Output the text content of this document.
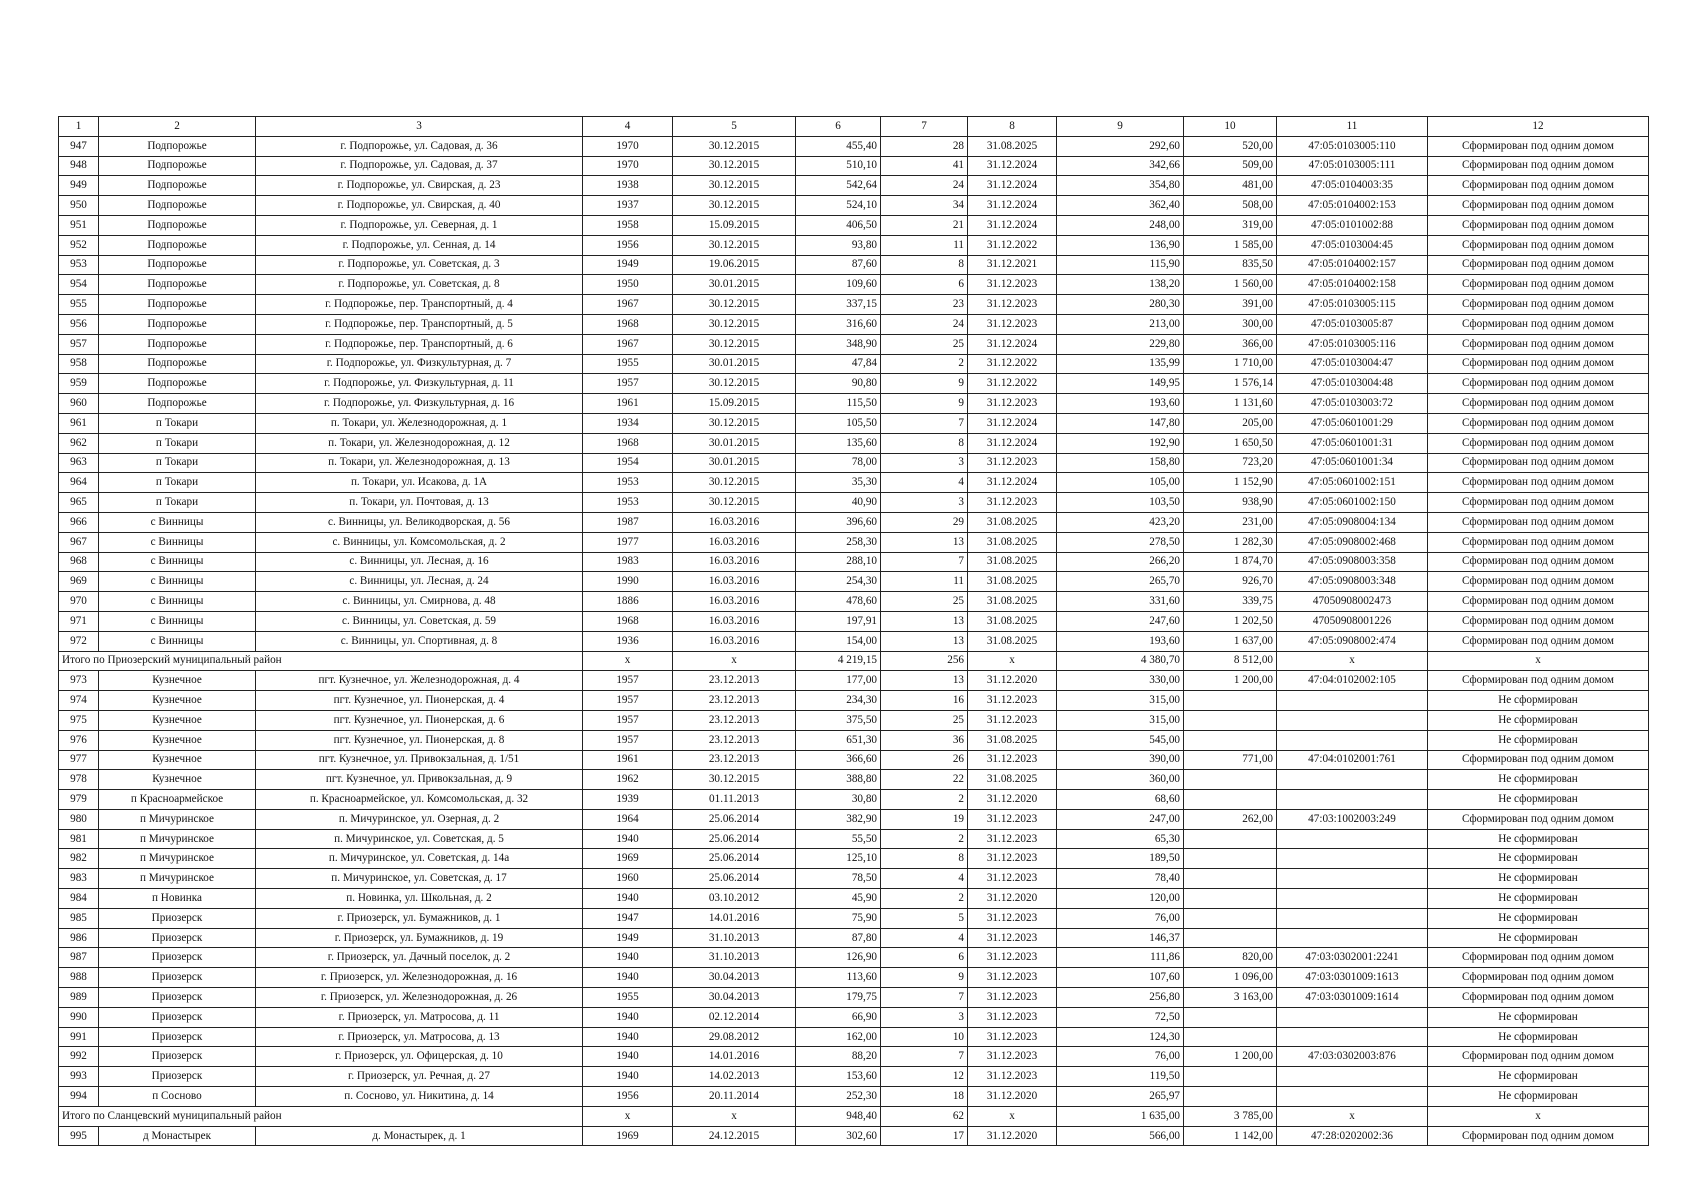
1	2	3	4	5	6	7	8	9	10	11	12
947	Подпорожье	г. Подпорожье, ул. Садовая, д. 36	1970	30.12.2015	455,40	28	31.08.2025	292,60	520,00	47:05:0103005:110	Сформирован под одним домом
948	Подпорожье	г. Подпорожье, ул. Садовая, д. 37	1970	30.12.2015	510,10	41	31.12.2024	342,66	509,00	47:05:0103005:111	Сформирован под одним домом
949	Подпорожье	г. Подпорожье, ул. Свирская, д. 23	1938	30.12.2015	542,64	24	31.12.2024	354,80	481,00	47:05:0104003:35	Сформирован под одним домом
950	Подпорожье	г. Подпорожье, ул. Свирская, д. 40	1937	30.12.2015	524,10	34	31.12.2024	362,40	508,00	47:05:0104002:153	Сформирован под одним домом
951	Подпорожье	г. Подпорожье, ул. Северная, д. 1	1958	15.09.2015	406,50	21	31.12.2024	248,00	319,00	47:05:0101002:88	Сформирован под одним домом
952	Подпорожье	г. Подпорожье, ул. Сенная, д. 14	1956	30.12.2015	93,80	11	31.12.2022	136,90	1 585,00	47:05:0103004:45	Сформирован под одним домом
953	Подпорожье	г. Подпорожье, ул. Советская, д. 3	1949	19.06.2015	87,60	8	31.12.2021	115,90	835,50	47:05:0104002:157	Сформирован под одним домом
954	Подпорожье	г. Подпорожье, ул. Советская, д. 8	1950	30.01.2015	109,60	6	31.12.2023	138,20	1 560,00	47:05:0104002:158	Сформирован под одним домом
955	Подпорожье	г. Подпорожье, пер. Транспортный, д. 4	1967	30.12.2015	337,15	23	31.12.2023	280,30	391,00	47:05:0103005:115	Сформирован под одним домом
956	Подпорожье	г. Подпорожье, пер. Транспортный, д. 5	1968	30.12.2015	316,60	24	31.12.2023	213,00	300,00	47:05:0103005:87	Сформирован под одним домом
957	Подпорожье	г. Подпорожье, пер. Транспортный, д. 6	1967	30.12.2015	348,90	25	31.12.2024	229,80	366,00	47:05:0103005:116	Сформирован под одним домом
958	Подпорожье	г. Подпорожье, ул. Физкультурная, д. 7	1955	30.01.2015	47,84	2	31.12.2022	135,99	1 710,00	47:05:0103004:47	Сформирован под одним домом
959	Подпорожье	г. Подпорожье, ул. Физкультурная, д. 11	1957	30.12.2015	90,80	9	31.12.2022	149,95	1 576,14	47:05:0103004:48	Сформирован под одним домом
960	Подпорожье	г. Подпорожье, ул. Физкультурная, д. 16	1961	15.09.2015	115,50	9	31.12.2023	193,60	1 131,60	47:05:0103003:72	Сформирован под одним домом
961	п Токари	п. Токари, ул. Железнодорожная, д. 1	1934	30.12.2015	105,50	7	31.12.2024	147,80	205,00	47:05:0601001:29	Сформирован под одним домом
962	п Токари	п. Токари, ул. Железнодорожная, д. 12	1968	30.01.2015	135,60	8	31.12.2024	192,90	1 650,50	47:05:0601001:31	Сформирован под одним домом
963	п Токари	п. Токари, ул. Железнодорожная, д. 13	1954	30.01.2015	78,00	3	31.12.2023	158,80	723,20	47:05:0601001:34	Сформирован под одним домом
964	п Токари	п. Токари, ул. Исакова, д. 1А	1953	30.12.2015	35,30	4	31.12.2024	105,00	1 152,90	47:05:0601002:151	Сформирован под одним домом
965	п Токари	п. Токари, ул. Почтовая, д. 13	1953	30.12.2015	40,90	3	31.12.2023	103,50	938,90	47:05:0601002:150	Сформирован под одним домом
966	с Винницы	с. Винницы, ул. Великодворская, д. 56	1987	16.03.2016	396,60	29	31.08.2025	423,20	231,00	47:05:0908004:134	Сформирован под одним домом
967	с Винницы	с. Винницы, ул. Комсомольская, д. 2	1977	16.03.2016	258,30	13	31.08.2025	278,50	1 282,30	47:05:0908002:468	Сформирован под одним домом
968	с Винницы	с. Винницы, ул. Лесная, д. 16	1983	16.03.2016	288,10	7	31.08.2025	266,20	1 874,70	47:05:0908003:358	Сформирован под одним домом
969	с Винницы	с. Винницы, ул. Лесная, д. 24	1990	16.03.2016	254,30	11	31.08.2025	265,70	926,70	47:05:0908003:348	Сформирован под одним домом
970	с Винницы	с. Винницы, ул. Смирнова, д. 48	1886	16.03.2016	478,60	25	31.08.2025	331,60	339,75	47050908002473	Сформирован под одним домом
971	с Винницы	с. Винницы, ул. Советская, д. 59	1968	16.03.2016	197,91	13	31.08.2025	247,60	1 202,50	47050908001226	Сформирован под одним домом
972	с Винницы	с. Винницы, ул. Спортивная, д. 8	1936	16.03.2016	154,00	13	31.08.2025	193,60	1 637,00	47:05:0908002:474	Сформирован под одним домом
Итого по Приозерский муниципальный район			x	x	4 219,15	256	x	4 380,70	8 512,00	x	x
973	Кузнечное	пгт. Кузнечное, ул. Железнодорожная, д. 4	1957	23.12.2013	177,00	13	31.12.2020	330,00	1 200,00	47:04:0102002:105	Сформирован под одним домом
974	Кузнечное	пгт. Кузнечное, ул. Пионерская, д. 4	1957	23.12.2013	234,30	16	31.12.2023	315,00			Не сформирован
975	Кузнечное	пгт. Кузнечное, ул. Пионерская, д. 6	1957	23.12.2013	375,50	25	31.12.2023	315,00			Не сформирован
976	Кузнечное	пгт. Кузнечное, ул. Пионерская, д. 8	1957	23.12.2013	651,30	36	31.08.2025	545,00			Не сформирован
977	Кузнечное	пгт. Кузнечное, ул. Привокзальная, д. 1/51	1961	23.12.2013	366,60	26	31.12.2023	390,00	771,00	47:04:0102001:761	Сформирован под одним домом
978	Кузнечное	пгт. Кузнечное, ул. Привокзальная, д. 9	1962	30.12.2015	388,80	22	31.08.2025	360,00			Не сформирован
979	п Красноармейское	п. Красноармейское, ул. Комсомольская, д. 32	1939	01.11.2013	30,80	2	31.12.2020	68,60			Не сформирован
980	п Мичуринское	п. Мичуринское, ул. Озерная, д. 2	1964	25.06.2014	382,90	19	31.12.2023	247,00	262,00	47:03:1002003:249	Сформирован под одним домом
981	п Мичуринское	п. Мичуринское, ул. Советская, д. 5	1940	25.06.2014	55,50	2	31.12.2023	65,30			Не сформирован
982	п Мичуринское	п. Мичуринское, ул. Советская, д. 14а	1969	25.06.2014	125,10	8	31.12.2023	189,50			Не сформирован
983	п Мичуринское	п. Мичуринское, ул. Советская, д. 17	1960	25.06.2014	78,50	4	31.12.2023	78,40			Не сформирован
984	п Новинка	п. Новинка, ул. Школьная, д. 2	1940	03.10.2012	45,90	2	31.12.2020	120,00			Не сформирован
985	Приозерск	г. Приозерск, ул. Бумажников, д. 1	1947	14.01.2016	75,90	5	31.12.2023	76,00			Не сформирован
986	Приозерск	г. Приозерск, ул. Бумажников, д. 19	1949	31.10.2013	87,80	4	31.12.2023	146,37			Не сформирован
987	Приозерск	г. Приозерск, ул. Дачный поселок, д. 2	1940	31.10.2013	126,90	6	31.12.2023	111,86	820,00	47:03:0302001:2241	Сформирован под одним домом
988	Приозерск	г. Приозерск, ул. Железнодорожная, д. 16	1940	30.04.2013	113,60	9	31.12.2023	107,60	1 096,00	47:03:0301009:1613	Сформирован под одним домом
989	Приозерск	г. Приозерск, ул. Железнодорожная, д. 26	1955	30.04.2013	179,75	7	31.12.2023	256,80	3 163,00	47:03:0301009:1614	Сформирован под одним домом
990	Приозерск	г. Приозерск, ул. Матросова, д. 11	1940	02.12.2014	66,90	3	31.12.2023	72,50			Не сформирован
991	Приозерск	г. Приозерск, ул. Матросова, д. 13	1940	29.08.2012	162,00	10	31.12.2023	124,30			Не сформирован
992	Приозерск	г. Приозерск, ул. Офицерская, д. 10	1940	14.01.2016	88,20	7	31.12.2023	76,00	1 200,00	47:03:0302003:876	Сформирован под одним домом
993	Приозерск	г. Приозерск, ул. Речная, д. 27	1940	14.02.2013	153,60	12	31.12.2023	119,50			Не сформирован
994	п Сосново	п. Сосново, ул. Никитина, д. 14	1956	20.11.2014	252,30	18	31.12.2020	265,97			Не сформирован
Итого по Сланцевский муниципальный район			x	x	948,40	62	x	1 635,00	3 785,00	x	x
995	д Монастырек	д. Монастырек, д. 1	1969	24.12.2015	302,60	17	31.12.2020	566,00	1 142,00	47:28:0202002:36	Сформирован под одним домом
